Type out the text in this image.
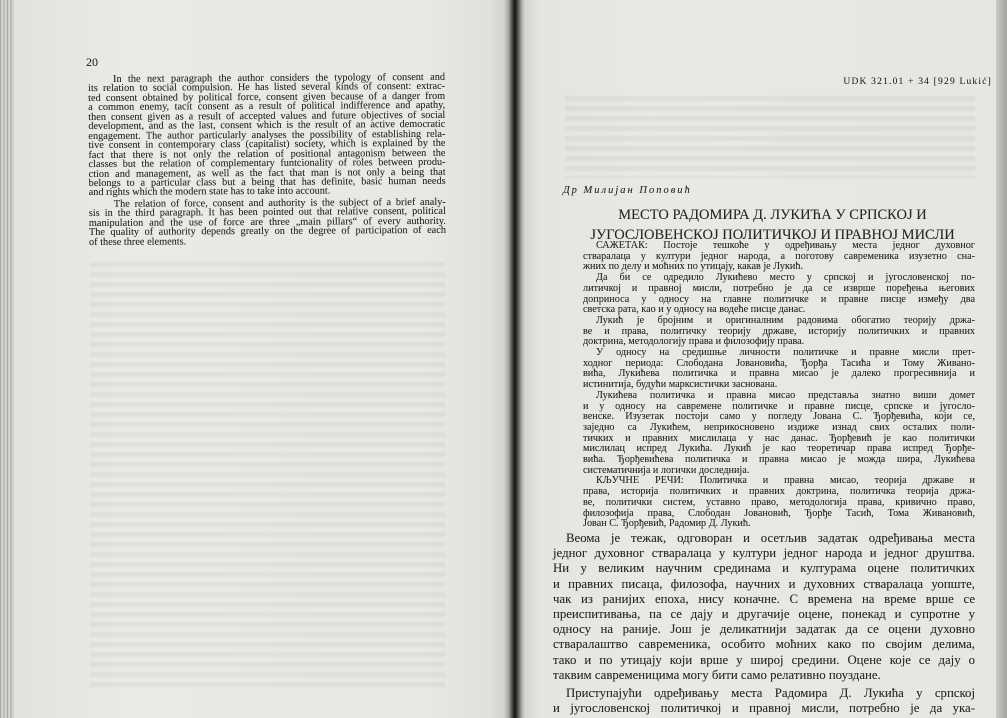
20
In the next paragraph the author considers the typology of consent and
its relation to social compulsion. He has listed several kinds of consent: extrac-
ted consent obtained by political force, consent given because of a danger from
a common enemy, tacit consent as a result of political indifference and apathy,
then consent given as a result of accepted values and future objectives of social
development, and as the last, consent which is the result of an active democratic
engagement. The author particularly analyses the possibility of establishing rela-
tive consent in contemporary class (capitalist) society, which is explained by the
fact that there is not only the relation of positional antagonism between the
classes but the relation of complementary funtcionality of roles between produ-
ction and management, as well as the fact that man is not only a being that
belongs to a particular class but a being that has definite, basic human needs
and rights which the modern state has to take into account.
The relation of force, consent and authority is the subject of a brief analy-
sis in the third paragraph. It has been pointed out that relative consent, political
manipulation and the use of force are three „main pillars“ of every authority.
The quality of authority depends greatly on the degree of participation of each
of these three elements.
UDK 321.01 + 34 [929 Lukić]
Др Милијан Поповић
МЕСТО РАДОМИРА Д. ЛУКИЋА У СРПСКОЈ И
ЈУГОСЛОВЕНСКОЈ ПОЛИТИЧКОЈ И ПРАВНОЈ МИСЛИ
САЖЕТАК: Постоје тешкоће у одређивању места једног духовног
стваралаца у култури једног народа, а поготову савременика изузетно сна-
жних по делу и моћних по утицају, какав је Лукић.
Да би се одредило Лукићево место у српској и југословенској по-
литичкој и правној мисли, потребно је да се изврше поређења његових
доприноса у односу на главне политичке и правне писце између два
светска рата, као и у односу на водеће писце данас.
Лукић је бројним и оригиналним радовима обогатио теорију држа-
ве и права, политичку теорију државе, историју политичких и правних
доктрина, методологију права и филозофију права.
У односу на средишње личности политичке и правне мисли прет-
ходног периода: Слободана Јовановића, Ђорђа Тасића и Тому Живано-
вића, Лукићева политичка и правна мисао је далеко прогресивнија и
истинитија, будући марксистички заснована.
Лукићева политичка и правна мисао представља знатно виши домет
и у односу на савремене политичке и правне писце, српске и југосло-
венске. Изузетак постоји само у погледу Јована С. Ђорђевића, који се,
заједно са Лукићем, неприкосновено издиже изнад свих осталих поли-
тичких и правних мислилаца у нас данас. Ђорђевић је као политички
мислилац испред Лукића. Лукић је као теоретичар права испред Ђорђе-
вића. Ђорђевићева политичка и правна мисао је можда шира, Лукићева
систематичнија и логички доследнија.
КЉУЧНЕ РЕЧИ: Политичка и правна мисао, теорија државе и
права, историја политичких и правних доктрина, политичка теорија држа-
ве, политички систем, уставно право, методологија права, кривично право,
филозофија права, Слободан Јовановић, Ђорђе Тасић, Тома Живановић,
Јован С. Ђорђевић, Радомир Д. Лукић.
Веома је тежак, одговоран и осетљив задатак одређивања места
једног духовног стваралаца у култури једног народа и једног друштва.
Ни у великим научним срединама и културама оцене политичких
и правних писаца, филозофа, научних и духовних стваралаца уопште,
чак из ранијих епоха, нису коначне. С времена на време врше се
преиспитивања, па се дају и другачије оцене, понекад и супротне у
односу на раније. Још је деликатнији задатак да се оцени духовно
стваралаштво савременика, особито моћних како по својим делима,
тако и по утицају који врше у широј средини. Оцене које се дају о
таквим савременицима могу бити само релативно поуздане.
Приступајући одређивању места Радомира Д. Лукића у српској
и југословенској политичкој и правној мисли, потребно је да ука-
